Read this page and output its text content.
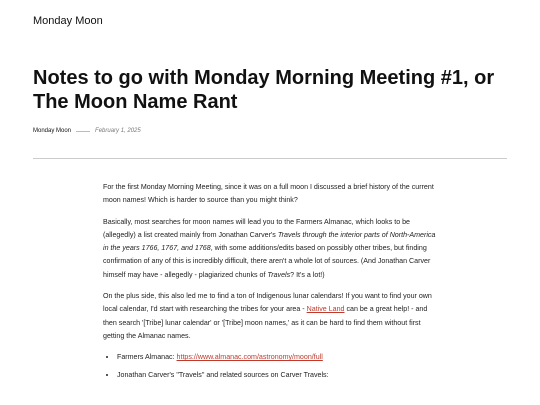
Monday Moon
Notes to go with Monday Morning Meeting #1, or The Moon Name Rant
Monday Moon	February 1, 2025

For the first Monday Morning Meeting, since it was on a full moon I discussed a brief history of the current moon names! Which is harder to source than you might think?

Basically, most searches for moon names will lead you to the Farmers Almanac, which looks to be (allegedly) a list created mainly from Jonathan Carver's Travels through the interior parts of North-America in the years 1766, 1767, and 1768, with some additions/edits based on possibly other tribes, but finding confirmation of any of this is incredibly difficult, there aren't a whole lot of sources. (And Jonathan Carver himself may have - allegedly - plagiarized chunks of Travels? It's a lot!)

On the plus side, this also led me to find a ton of Indigenous lunar calendars! If you want to find your own local calendar, I'd start with researching the tribes for your area - Native Land can be a great help! - and then search '[Tribe] lunar calendar' or '[Tribe] moon names,' as it can be hard to find them without first getting the Almanac names.

• Farmers Almanac: https://www.almanac.com/astronomy/moon/full
• Jonathan Carver's "Travels" and related sources on Carver Travels:
